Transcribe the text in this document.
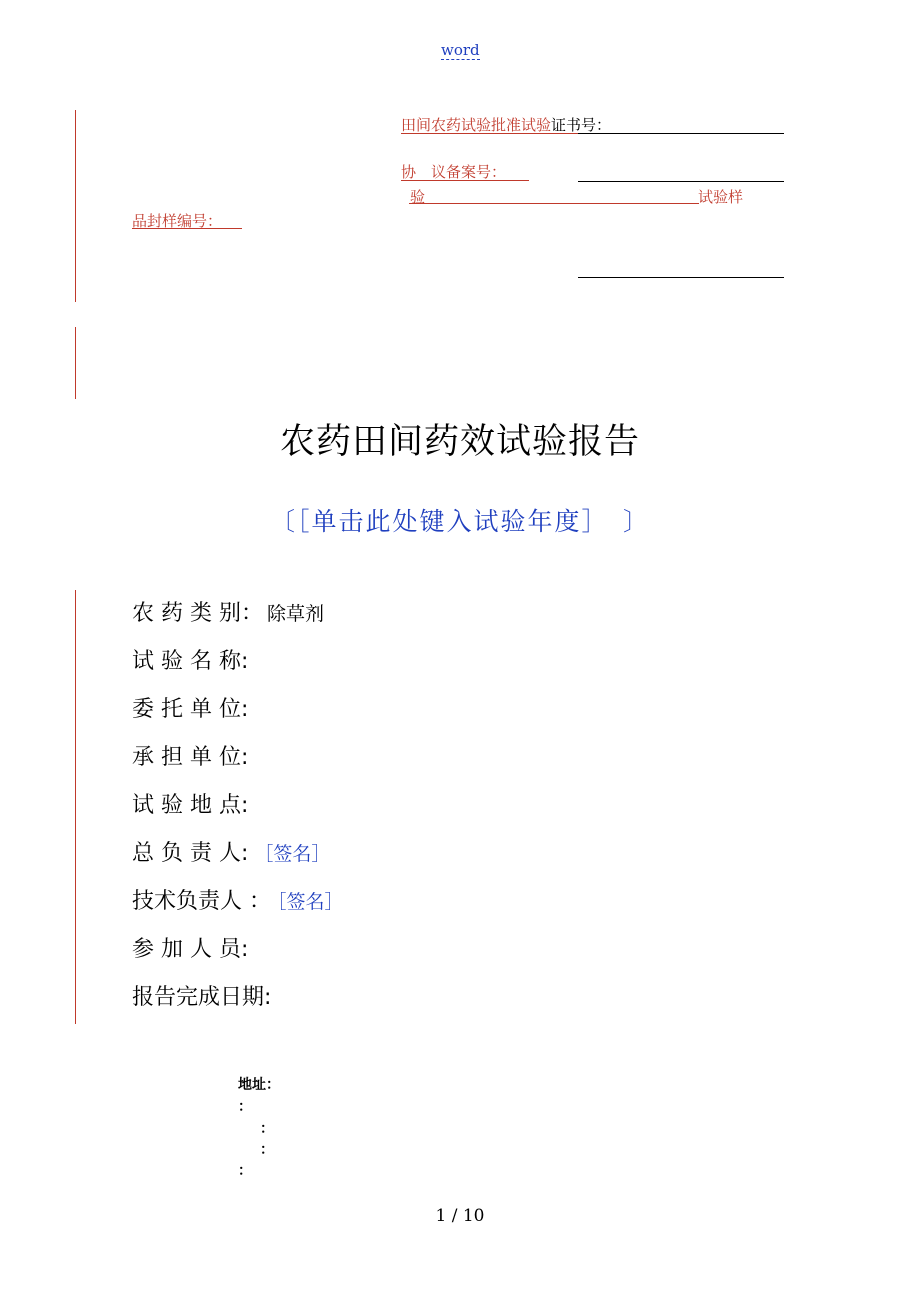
word
田间农药试验批准试验证书号：
协　议备案号：
验	试验样
品封样编号：
农药田间药效试验报告
〔［单击此处键入试验年度］　〕
农 药 类 别： 除草剂
试 验 名 称:
委 托 单 位:
承 担 单 位:
试 验 地 点:
总 负 责 人: ［签名］
技术负责人 ： ［签名］
参 加 人 员:
报告完成日期:
地址：
：
：
：
：
1 / 10
